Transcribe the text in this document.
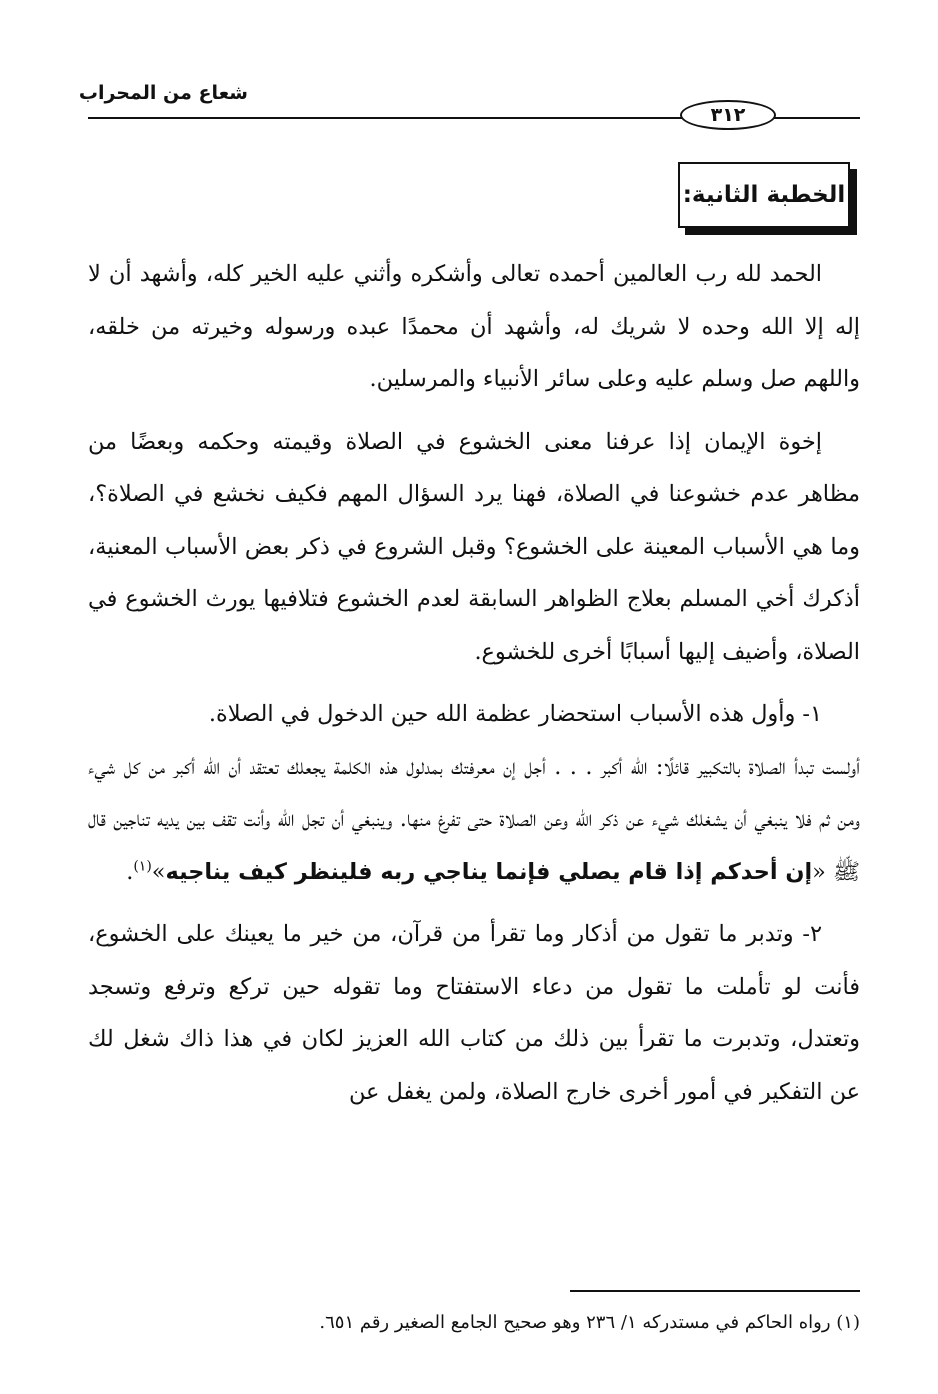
شعاع من المحراب
٣١٢
الخطبة الثانية:

الحمد لله رب العالمين أحمده تعالى وأشكره وأثني عليه الخير كله، وأشهد أن لا إله إلا الله وحده لا شريك له، وأشهد أن محمدًا عبده ورسوله وخيرته من خلقه، واللهم صل وسلم عليه وعلى سائر الأنبياء والمرسلين.

إخوة الإيمان إذا عرفنا معنى الخشوع في الصلاة وقيمته وحكمه وبعضًا من مظاهر عدم خشوعنا في الصلاة، فهنا يرد السؤال المهم فكيف نخشع في الصلاة؟، وما هي الأسباب المعينة على الخشوع؟ وقبل الشروع في ذكر بعض الأسباب المعنية، أذكرك أخي المسلم بعلاج الظواهر السابقة لعدم الخشوع فتلافيها يورث الخشوع في الصلاة، وأضيف إليها أسبابًا أخرى للخشوع.

١- وأول هذه الأسباب استحضار عظمة الله حين الدخول في الصلاة.

أولست تبدأ الصلاة بالتكبير قائلًا: الله أكبر . . . أجل إن معرفتك بمدلول هذه الكلمة يجعلك تعتقد أن الله أكبر من كل شيء ومن ثم فلا ينبغي أن يشغلك شيء عن ذكر الله وعن الصلاة حتى تفرغ منها. وينبغي أن تجل الله وأنت تقف بين يديه تناجين قال ﷺ «إن أحدكم إذا قام يصلي فإنما يناجي ربه فلينظر كيف يناجيه»$^{(١)}$.

٢- وتدبر ما تقول من أذكار وما تقرأ من قرآن، من خير ما يعينك على الخشوع، فأنت لو تأملت ما تقول من دعاء الاستفتاح وما تقوله حين تركع وترفع وتسجد وتعتدل، وتدبرت ما تقرأ بين ذلك من كتاب الله العزيز لكان في هذا ذاك شغل لك عن التفكير في أمور أخرى خارج الصلاة، ولمن يغفل عن

(١) رواه الحاكم في مستدركه ١/ ٢٣٦ وهو صحيح الجامع الصغير رقم ٦٥١.
